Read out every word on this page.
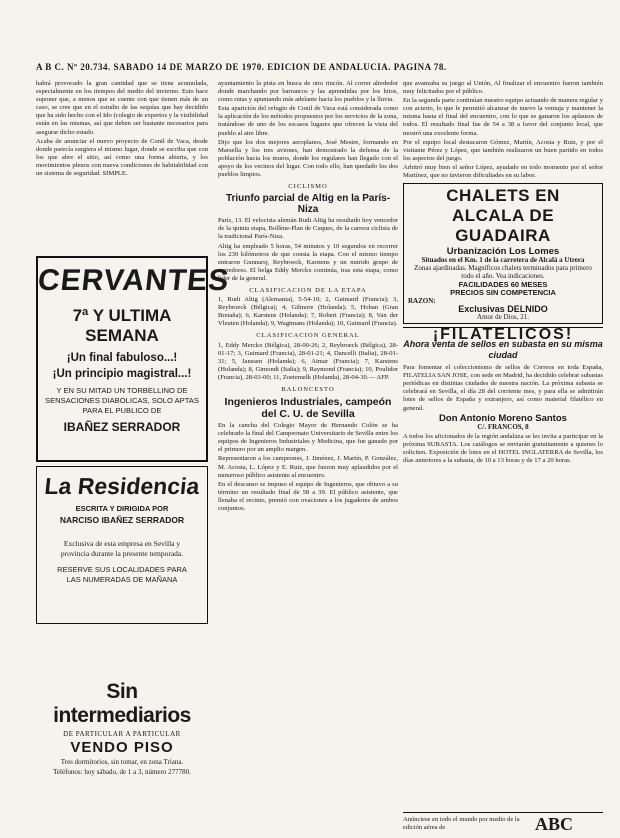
A B C. Nº 20.734. SABADO 14 DE MARZO DE 1970. EDICION DE ANDALUCIA. PAGINA 78.

habrá provocado la gran cantidad que se tiene acumulada, especialmente en los tiempos del medio del invierno. Esto hace suponer que, a menos que se cuente con que tienen más de un caso, se cree que en el estudio de las sequías que hay decidido que ha sido hecho con el Ido (colegio de expertos y la visibilidad están en las mismas, así que deben ser bastante necesarios para asegurar dicho estado.

Acaba de anunciar el nuevo proyecto de Conil de Vaca, desde donde parecía surgiera el mismo lugar, donde se escriba que con los que abre el sitio, así como una forma abierta, y los movimientos plenos con nueva condiciones de habitabilidad con un sistema de seguridad. SIMPLE.

CERVANTES
7ª Y ULTIMA SEMANA
¡Un final fabuloso...!
¡Un principio magistral...!
Y EN SU MITAD UN TORBELLINO DE SENSACIONES DIABOLICAS, SOLO APTAS PARA EL PUBLICO DE
IBAÑEZ SERRADOR
La Residencia
ESCRITA Y DIRIGIDA POR
NARCISO IBAÑEZ SERRADOR
Exclusiva de esta empresa en Sevilla y provincia durante la presente temporada.
RESERVE SUS LOCALIDADES PARA LAS NUMERADAS DE MAÑANA
Sin intermediarios
DE PARTICULAR A PARTICULAR
VENDO PISO
Tres dormitorios, sin tomar, en zona Triana.
Teléfonos: hoy sábado, de 1 a 3, número 277780.

ayuntamiento la pista en busca de otro rincón. Al correr alrededor donde marchando por barrancos y las aprendidas por los hitos, como rutas y apuntando más adelante hacia los pueblos y la lluvia.

Esta aparición del refugio de Conil de Vaca está considerada como la aplicación de los métodos propuestos por los servicios de la zona, tratándose de uno de los escasos lugares que ofrecen la vista del pueblo al aire libre.

Dijo que los dos mejores aeroplanos, José Mestre, formando en Marsella y los tres aviones, han demostrado la defensa de la población hacia los muros, donde los regulares han llegado con el apoyo de los vecinos del lugar. Con todo ello, han quedado los dos pueblos limpios.

CICLISMO
Triunfo parcial de Altig en la París-Niza

París, 13. El velocista alemán Rudi Altig ha resultado hoy vencedor de la quinta etapa, Bollène-Plan de Cuques, de la carrera ciclista de la tradicional París-Niza.

Altig ha empleado 5 horas, 54 minutos y 10 segundos en recorrer los 230 kilómetros de que consta la etapa. Con el mismo tiempo entraron Gunnarsj, Reybroeck, Karstens y un nutrido grupo de corredores. El belga Eddy Merckx continúa, tras esta etapa, como líder de la general.

CLASIFICACION DE LA ETAPA

1, Rudi Altig (Alemania), 5-54-10; 2, Guimard (Francia); 3, Reybroeck (Bélgica); 4, Gilmore (Holanda); 5, Hoban (Gran Bretaña); 6, Karstens (Holanda); 7, Robert (Francia); 8, Van der Vleuten (Holanda); 9, Wagtmans (Holanda); 10, Guimard (Francia).

CLASIFICACION GENERAL

1, Eddy Merckx (Bélgica), 28-00-26; 2, Reybroeck (Bélgica), 28-01-17; 3, Guimard (Francia), 28-01-21; 4, Dancelli (Italia), 28-01-31; 5, Janssen (Holanda); 6, Aimar (Francia); 7, Karstens (Holanda); 8, Gimondi (Italia); 9, Raymond (Francia); 10, Poulidor (Francia), 28-03-00; 11, Zoetemelk (Holanda), 28-04-30.— AFP.

BALONCESTO
Ingenieros Industriales, campeón del C. U. de Sevilla

En la cancha del Colegio Mayor de Hernando Colón se ha celebrado la final del Campeonato Universitario de Sevilla entre los equipos de Ingenieros Industriales y Medicina, que fue ganado por el primero por un amplio margen.

Representaron a los campeones, J. Jiménez, J. Martín, P. González, M. Acosta, L. López y E. Ruiz, que fueron muy aplaudidos por el numeroso público asistente al encuentro.

En el descanso se impuso el equipo de Ingenieros, que obtuvo a su término un resultado final de 58 a 39. El público asistente, que llenaba el recinto, premió con ovaciones a los jugadores de ambos conjuntos.

que avanzaba su juego al Unión, Al finalizar el encuentro fueron también muy felicitados por el público.

En la segunda parte continúan nuestro equipo actuando de manera regular y con acierto, lo que le permitió alcanzar de nuevo la ventaja y mantener la misma hasta el final del encuentro, con lo que se ganaron los aplausos de todos. El resultado final fue de 54 a 38 a favor del conjunto local, que mostró una excelente forma.

Por el equipo local destacaron Gómez, Martín, Acosta y Ruiz, y por el visitante Pérez y López, que también realizaron un buen partido en todos los aspectos del juego.

Arbitró muy bien el señor López, ayudado en todo momento por el señor Martínez, que no tuvieron dificultades en su labor.

CHALETS EN ALCALA DE GUADAIRA
Urbanización Los Lomes
Situados en el Km. 1 de la carretera de Alcalá a Utrera
Zonas ajardinadas. Magníficos chalets terminados para primero todo el año. Vea indicaciones.
FACILIDADES 60 MESES
PRECIOS SIN COMPETENCIA
RAZON:
Exclusivas DELNIDO
Amor de Dios, 21.
¡FILATELICOS!
Ahora venta de sellos en subasta en su misma ciudad

Para fomentar el coleccionismo de sellos de Correos en toda España, FILATELIA SAN JOSE, con sede en Madrid, ha decidido celebrar subastas periódicas en distintas ciudades de nuestra nación. La próxima subasta se celebrará en Sevilla, el día 28 del corriente mes, y para ella se admitirán lotes de sellos de España y extranjero, así como material filatélico en general.

Don Antonio Moreno Santos
C/. FRANCOS, 8

A todos los aficionados de la región andaluza se les invita a participar en la próxima SUBASTA. Los catálogos se enviarán gratuitamente a quienes lo soliciten. Exposición de lotes en el HOTEL INGLATERRA de Sevilla, los días anteriores a la subasta, de 10 a 13 horas y de 17 a 20 horas.

Anúnciese en todo el mundo por medio de la edición aérea de	ABC
